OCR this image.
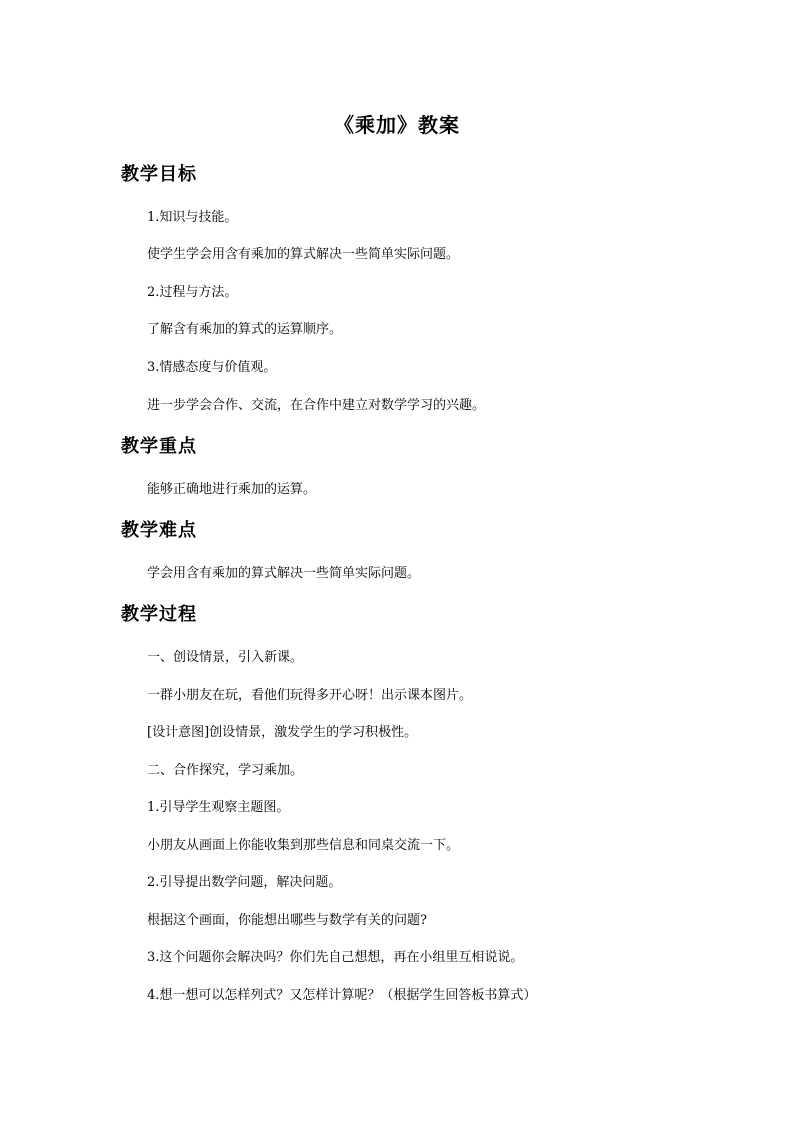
《乘加》教案
教学目标
1.知识与技能。
使学生学会用含有乘加的算式解决一些简单实际问题。
2.过程与方法。
了解含有乘加的算式的运算顺序。
3.情感态度与价值观。
进一步学会合作、交流，在合作中建立对数学学习的兴趣。
教学重点
能够正确地进行乘加的运算。
教学难点
学会用含有乘加的算式解决一些简单实际问题。
教学过程
一、创设情景，引入新课。
一群小朋友在玩，看他们玩得多开心呀！出示课本图片。
[设计意图]创设情景，激发学生的学习积极性。
二、合作探究，学习乘加。
1.引导学生观察主题图。
小朋友从画面上你能收集到那些信息和同桌交流一下。
2.引导提出数学问题，解决问题。
根据这个画面，你能想出哪些与数学有关的问题?
3.这个问题你会解决吗？你们先自己想想，再在小组里互相说说。
4.想一想可以怎样列式？又怎样计算呢？（根据学生回答板书算式）
